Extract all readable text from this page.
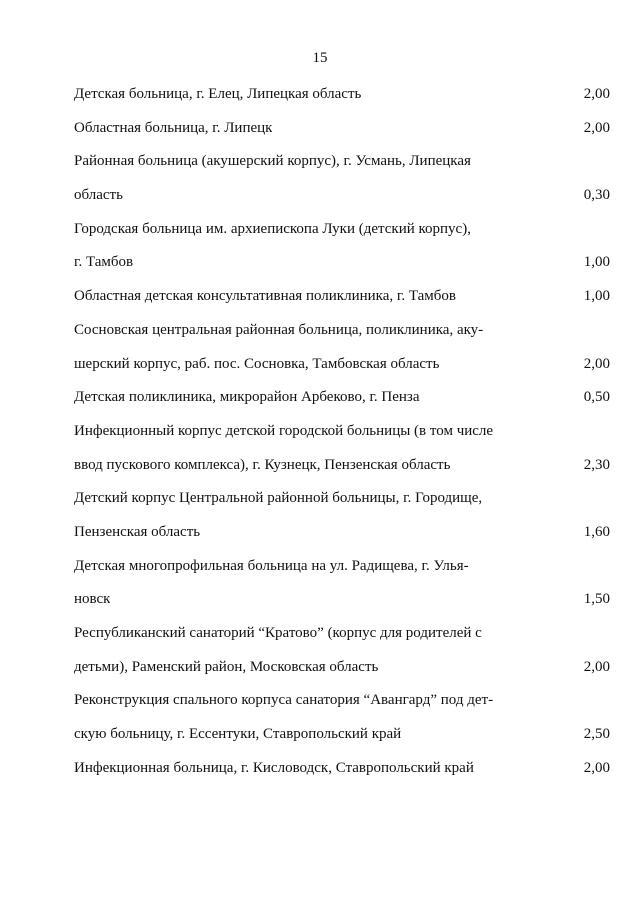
15
Детская больница, г. Елец, Липецкая область	2,00
Областная больница, г. Липецк	2,00
Районная больница (акушерский корпус), г. Усмань, Липецкая
область	0,30
Городская больница им. архиепископа Луки (детский корпус),
г. Тамбов	1,00
Областная детская консультативная поликлиника, г. Тамбов	1,00
Сосновская центральная районная больница, поликлиника, аку-
шерский корпус, раб. пос. Сосновка, Тамбовская область	2,00
Детская поликлиника, микрорайон Арбеково, г. Пенза	0,50
Инфекционный корпус детской городской больницы (в том числе
ввод пускового комплекса), г. Кузнецк, Пензенская область	2,30
Детский корпус Центральной районной больницы, г. Городище,
Пензенская область	1,60
Детская многопрофильная больница на ул. Радищева, г. Улья-
новск	1,50
Республиканский санаторий “Кратово” (корпус для родителей с
детьми), Раменский район, Московская область	2,00
Реконструкция спального корпуса санатория “Авангард” под дет-
скую больницу, г. Ессентуки, Ставропольский край	2,50
Инфекционная больница, г. Кисловодск, Ставропольский край	2,00
